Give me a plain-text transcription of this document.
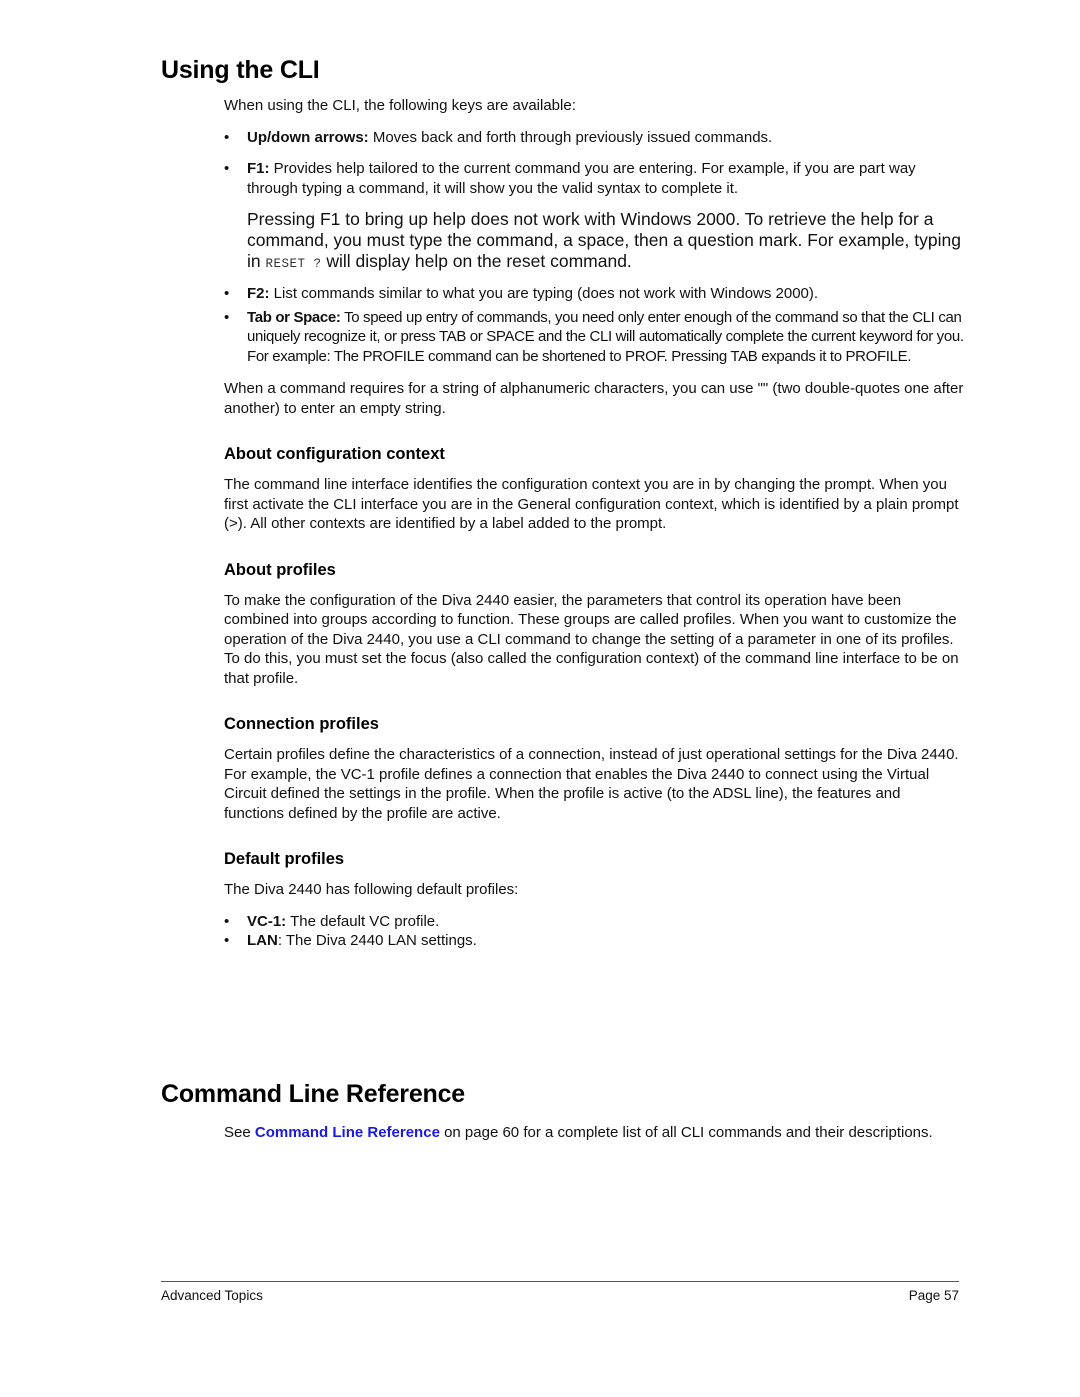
Using the CLI

When using the CLI, the following keys are available:

• Up/down arrows: Moves back and forth through previously issued commands.
• F1: Provides help tailored to the current command you are entering. For example, if you are part way through typing a command, it will show you the valid syntax to complete it.

Pressing F1 to bring up help does not work with Windows 2000. To retrieve the help for a command, you must type the command, a space, then a question mark. For example, typing in RESET ? will display help on the reset command.

• F2: List commands similar to what you are typing (does not work with Windows 2000).
• Tab or Space: To speed up entry of commands, you need only enter enough of the command so that the CLI can uniquely recognize it, or press TAB or SPACE and the CLI will automatically complete the current keyword for you. For example: The PROFILE command can be shortened to PROF. Pressing TAB expands it to PROFILE.

When a command requires for a string of alphanumeric characters, you can use "" (two double-quotes one after another) to enter an empty string.

About configuration context

The command line interface identifies the configuration context you are in by changing the prompt. When you first activate the CLI interface you are in the General configuration context, which is identified by a plain prompt (>). All other contexts are identified by a label added to the prompt.

About profiles

To make the configuration of the Diva 2440 easier, the parameters that control its operation have been combined into groups according to function. These groups are called profiles. When you want to customize the operation of the Diva 2440, you use a CLI command to change the setting of a parameter in one of its profiles. To do this, you must set the focus (also called the configuration context) of the command line interface to be on that profile.

Connection profiles

Certain profiles define the characteristics of a connection, instead of just operational settings for the Diva 2440. For example, the VC-1 profile defines a connection that enables the Diva 2440 to connect using the Virtual Circuit defined the settings in the profile. When the profile is active (to the ADSL line), the features and functions defined by the profile are active.

Default profiles

The Diva 2440 has following default profiles:

• VC-1: The default VC profile.
• LAN: The Diva 2440 LAN settings.
Command Line Reference

See Command Line Reference on page 60 for a complete list of all CLI commands and their descriptions.

Advanced Topics	Page 57
